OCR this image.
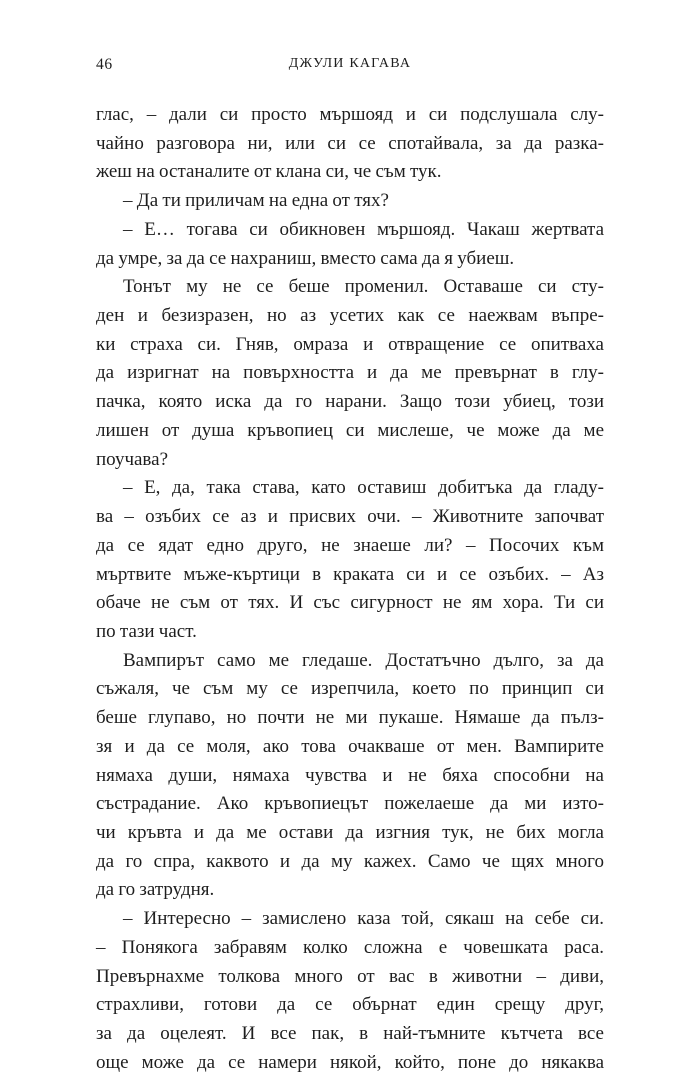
46	ДЖУЛИ КАГАВА
глас, – дали си просто мършояд и си подслушала слу-
чайно разговора ни, или си се спотайвала, за да разка-
жеш на останалите от клана си, че съм тук.
– Да ти приличам на една от тях?
– Е… тогава си обикновен мършояд. Чакаш жертвата
да умре, за да се нахраниш, вместо сама да я убиеш.
Тонът му не се беше променил. Оставаше си сту-
ден и безизразен, но аз усетих как се наежвам въпре-
ки страха си. Гняв, омраза и отвращение се опитваха
да изригнат на повърхността и да ме превърнат в глу-
пачка, която иска да го нарани. Защо този убиец, този
лишен от душа кръвопиец си мислеше, че може да ме
поучава?
– Е, да, така става, като оставиш добитъка да гладу-
ва – озъбих се аз и присвих очи. – Животните започват
да се ядат едно друго, не знаеше ли? – Посочих към
мъртвите мъже-къртици в краката си и се озъбих. – Аз
обаче не съм от тях. И със сигурност не ям хора. Ти си
по тази част.
Вампирът само ме гледаше. Достатъчно дълго, за да
съжаля, че съм му се изрепчила, което по принцип си
беше глупаво, но почти не ми пукаше. Нямаше да пълз-
зя и да се моля, ако това очакваше от мен. Вампирите
нямаха души, нямаха чувства и не бяха способни на
състрадание. Ако кръвопиецът пожелаеше да ми изто-
чи кръвта и да ме остави да изгния тук, не бих могла
да го спра, каквото и да му кажех. Само че щях много
да го затрудня.
– Интересно – замислено каза той, сякаш на себе си.
– Понякога забравям колко сложна е човешката раса.
Превърнахме толкова много от вас в животни – диви,
страхливи, готови да се обърнат един срещу друг,
за да оцелеят. И все пак, в най-тъмните кътчета все
още може да се намери някой, който, поне до някаква
